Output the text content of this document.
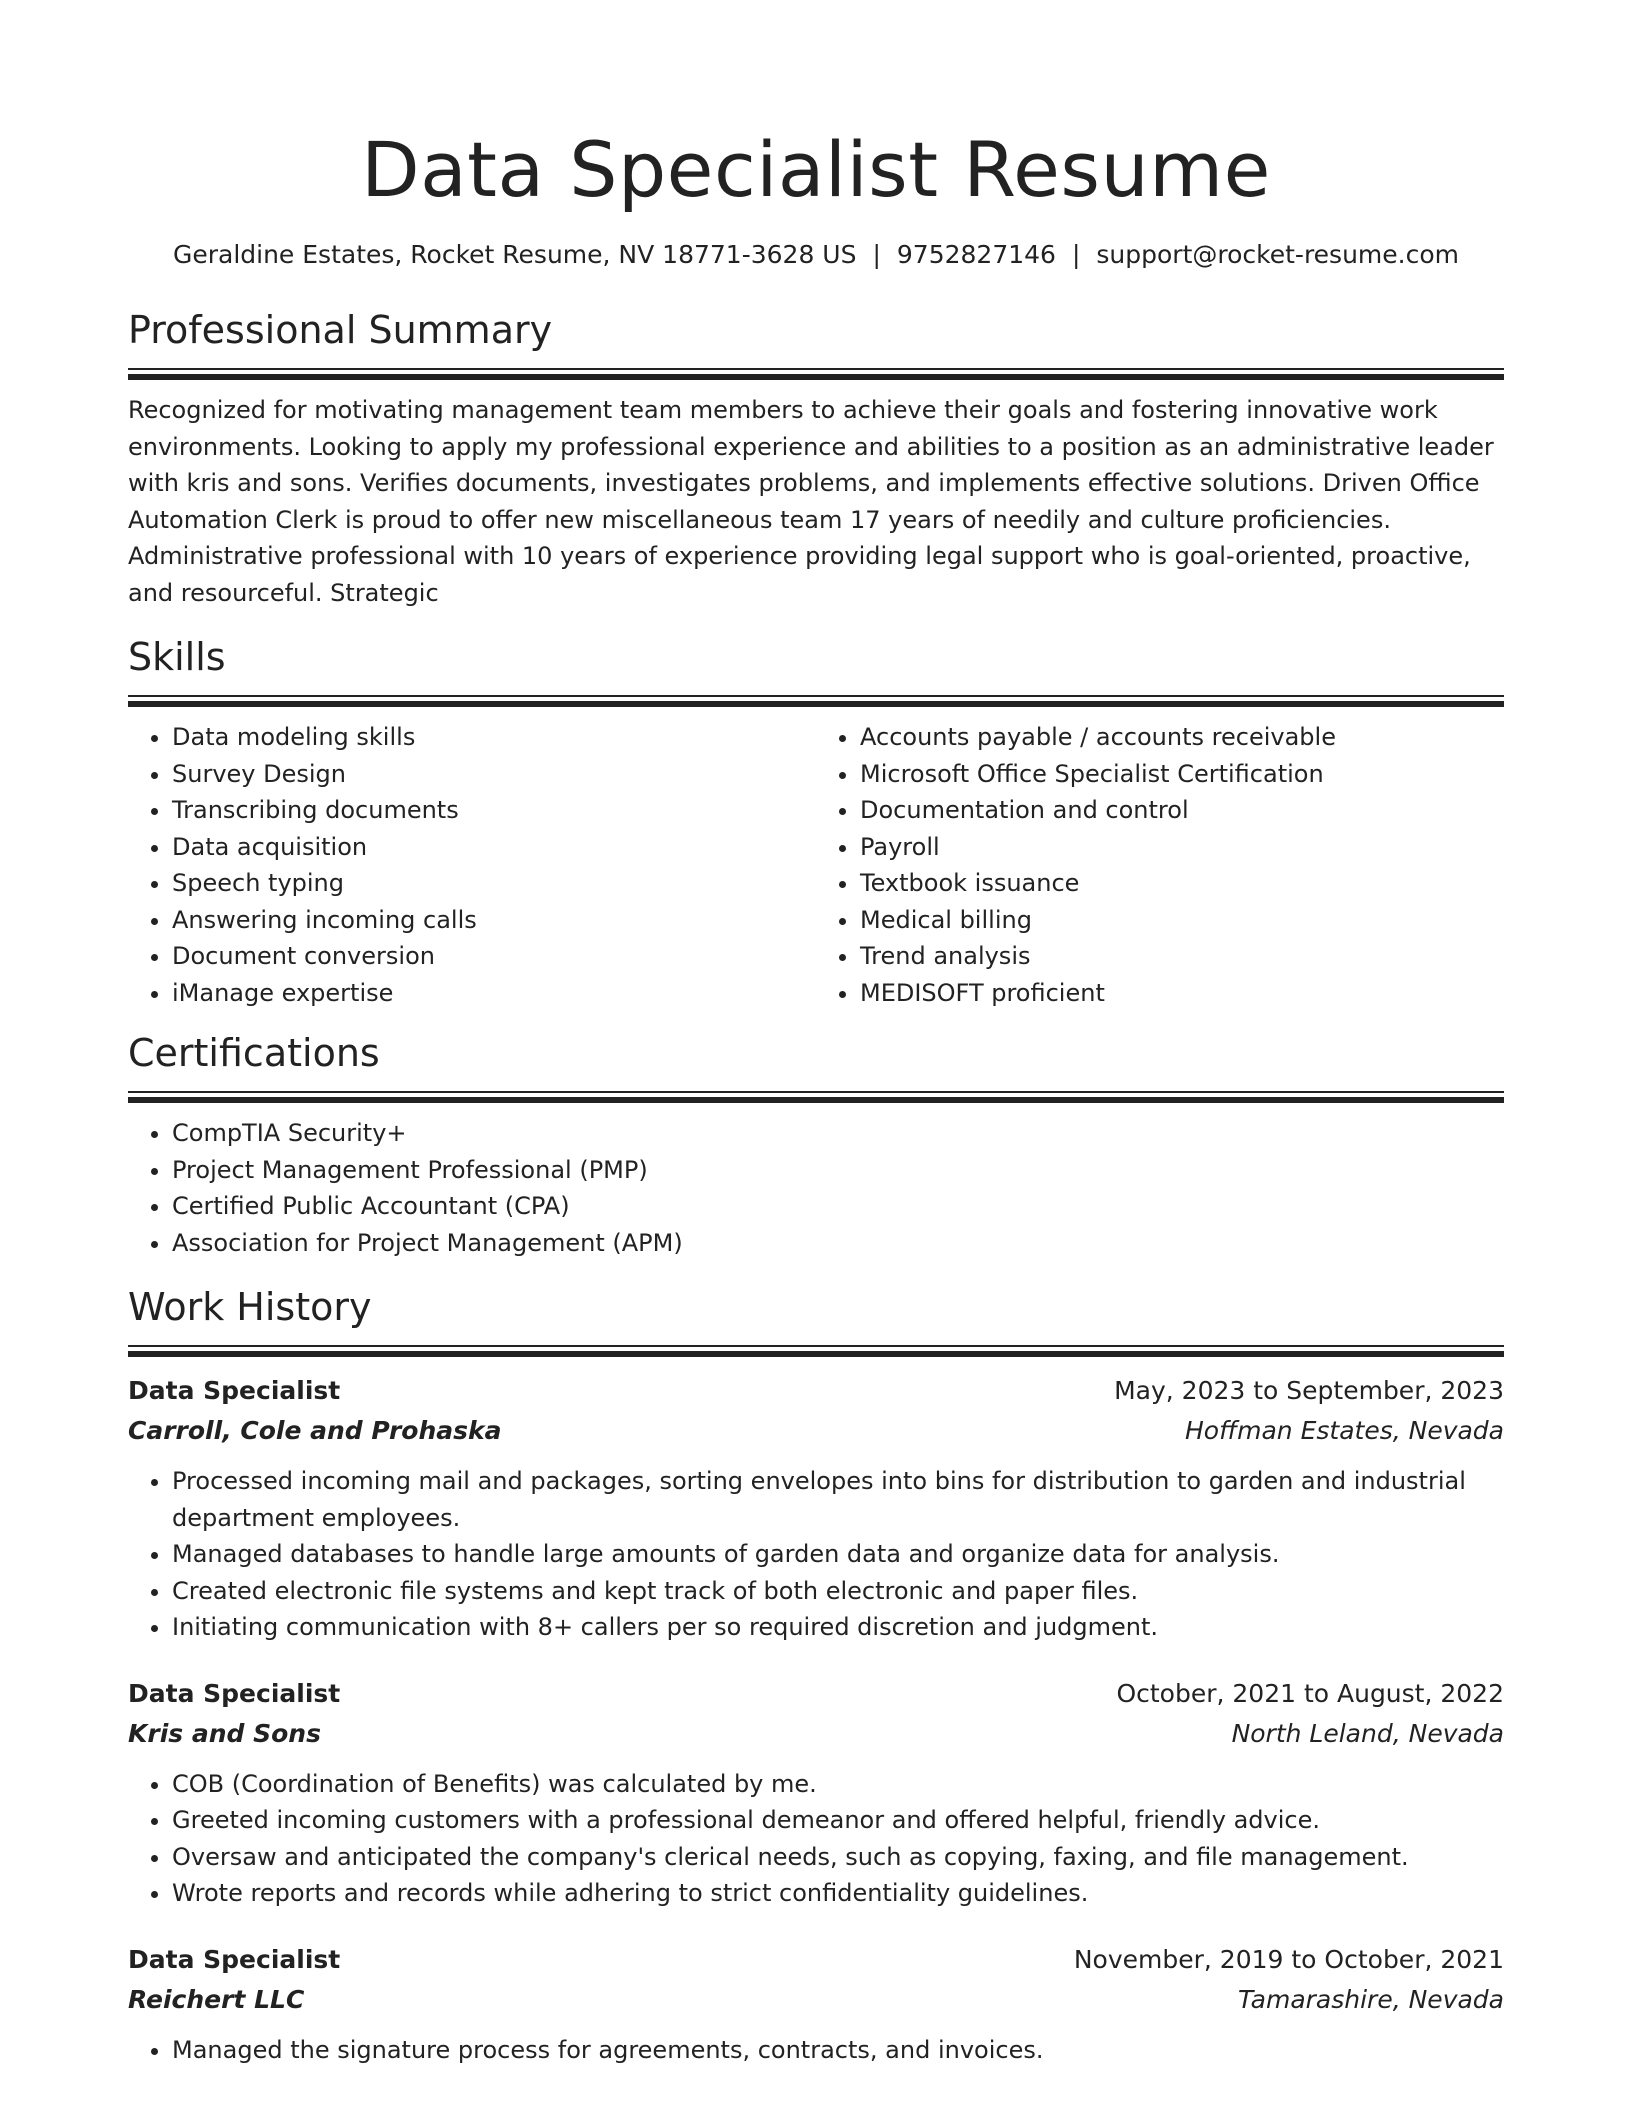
Data Specialist Resume
Geraldine Estates, Rocket Resume, NV 18771-3628 US | 9752827146 | support@rocket-resume.com
Professional Summary

Recognized for motivating management team members to achieve their goals and fostering innovative work environments. Looking to apply my professional experience and abilities to a position as an administrative leader with kris and sons. Verifies documents, investigates problems, and implements effective solutions. Driven Office Automation Clerk is proud to offer new miscellaneous team 17 years of needily and culture proficiencies. Administrative professional with 10 years of experience providing legal support who is goal-oriented, proactive, and resourceful. Strategic

Skills
• Data modeling skills
• Survey Design
• Transcribing documents
• Data acquisition
• Speech typing
• Answering incoming calls
• Document conversion
• iManage expertise
• Accounts payable / accounts receivable
• Microsoft Office Specialist Certification
• Documentation and control
• Payroll
• Textbook issuance
• Medical billing
• Trend analysis
• MEDISOFT proficient
Certifications
• CompTIA Security+
• Project Management Professional (PMP)
• Certified Public Accountant (CPA)
• Association for Project Management (APM)
Work History
Data Specialist	May, 2023 to September, 2023
Carroll, Cole and Prohaska	Hoffman Estates, Nevada
• Processed incoming mail and packages, sorting envelopes into bins for distribution to garden and industrial department employees.
• Managed databases to handle large amounts of garden data and organize data for analysis.
• Created electronic file systems and kept track of both electronic and paper files.
• Initiating communication with 8+ callers per so required discretion and judgment.
Data Specialist	October, 2021 to August, 2022
Kris and Sons	North Leland, Nevada
• COB (Coordination of Benefits) was calculated by me.
• Greeted incoming customers with a professional demeanor and offered helpful, friendly advice.
• Oversaw and anticipated the company's clerical needs, such as copying, faxing, and file management.
• Wrote reports and records while adhering to strict confidentiality guidelines.
Data Specialist	November, 2019 to October, 2021
Reichert LLC	Tamarashire, Nevada
• Managed the signature process for agreements, contracts, and invoices.
